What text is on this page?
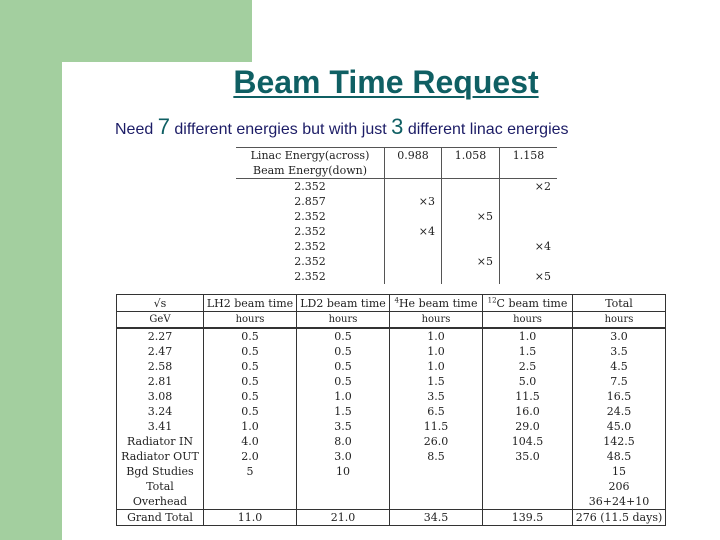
Beam Time Request
Need 7 different energies but with just 3 different linac energies
Linac Energy(across)	0.988	1.058	1.158
Beam Energy(down)			
2.352			×2
2.857	×3		
2.352		×5	
2.352	×4		
2.352			×4
2.352		×5	
2.352			×5
√s	LH2 beam time	LD2 beam time	$^4$He beam time	$^{12}$C beam time	Total
GeV	hours	hours	hours	hours	hours
2.27	0.5	0.5	1.0	1.0	3.0
2.47	0.5	0.5	1.0	1.5	3.5
2.58	0.5	0.5	1.0	2.5	4.5
2.81	0.5	0.5	1.5	5.0	7.5
3.08	0.5	1.0	3.5	11.5	16.5
3.24	0.5	1.5	6.5	16.0	24.5
3.41	1.0	3.5	11.5	29.0	45.0
Radiator IN	4.0	8.0	26.0	104.5	142.5
Radiator OUT	2.0	3.0	8.5	35.0	48.5
Bgd Studies	5	10			15
Total					206
Overhead					36+24+10
Grand Total	11.0	21.0	34.5	139.5	276 (11.5 days)
